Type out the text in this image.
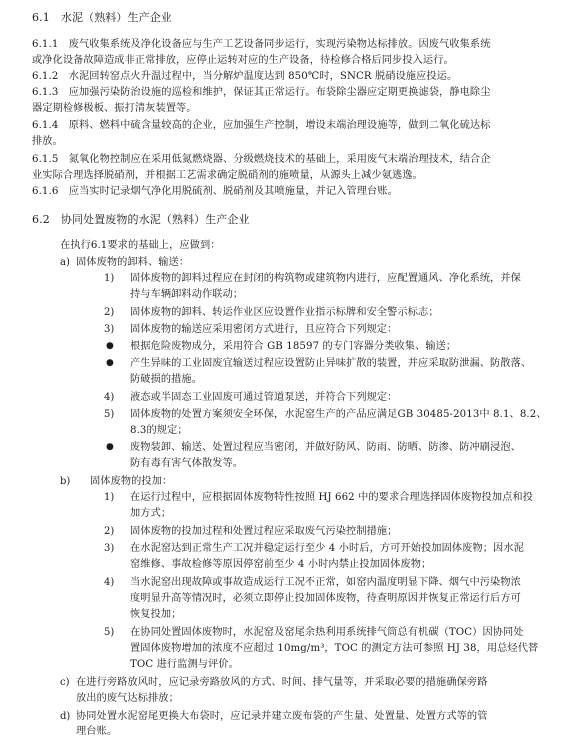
6.1　水泥（熟料）生产企业
6.1.1　废气收集系统及净化设备应与生产工艺设备同步运行，实现污染物达标排放。因废气收集系统
或净化设备故障造成非正常排放，应停止运转对应的生产设备，待检修合格后同步投入运行。
6.1.2　水泥回转窑点火升温过程中，当分解炉温度达到 850℃时，SNCR 脱硝设施应投运。
6.1.3　应加强污染防治设施的巡检和维护，保证其正常运行。布袋除尘器应定期更换滤袋，静电除尘
器定期检修极板、振打清灰装置等。
6.1.4　原料、燃料中硫含量较高的企业，应加强生产控制，增设末端治理设施等，做到二氧化硫达标
排放。
6.1.5　氮氧化物控制应在采用低氮燃烧器、分级燃烧技术的基础上，采用废气末端治理技术，结合企
业实际合理选择脱硝剂，并根据工艺需求确定脱硝剂的施喷量，从源头上减少氨逃逸。
6.1.6　应当实时记录烟气净化用脱硫剂、脱硝剂及其喷施量，并记入管理台账。
6.2　协同处置废物的水泥（熟料）生产企业
在执行6.1要求的基础上，应做到：
a) 固体废物的卸料、输送：
1) 固体废物的卸料过程应在封闭的构筑物或建筑物内进行，应配置通风、净化系统，并保
持与车辆卸料动作联动；
2) 固体废物的卸料、转运作业区应设置作业指示标牌和安全警示标志；
3) 固体废物的输送应采用密闭方式进行，且应符合下列规定：
● 根据危险废物成分，采用符合 GB 18597 的专门容器分类收集、输送；
● 产生异味的工业固废宜输送过程应设置防止异味扩散的装置，并应采取防泄漏、防散落、
防破损的措施。
4) 液态或半固态工业固废可通过管道泵送，并符合下列规定：
5) 固体废物的处置方案须安全环保，水泥窑生产的产品应满足GB 30485-2013中 8.1、8.2、
8.3的规定；
● 废物装卸、输送、处置过程应当密闭，并做好防风、防雨、防晒、防渗、防冲刷浸泡、
防有毒有害气体散发等。
b) 固体废物的投加：
1) 在运行过程中，应根据固体废物特性按照 HJ 662 中的要求合理选择固体废物投加点和投
加方式；
2) 固体废物的投加过程和处置过程应采取废气污染控制措施；
3) 在水泥窑达到正常生产工况并稳定运行至少 4 小时后，方可开始投加固体废物；因水泥
窑维修、事故检修等原因停窑前至少 4 小时内禁止投加固体废物；
4) 当水泥窑出现故障或事故造成运行工况不正常，如窑内温度明显下降、烟气中污染物浓
度明显升高等情况时，必须立即停止投加固体废物，待查明原因并恢复正常运行后方可
恢复投加；
5) 在协同处置固体废物时，水泥窑及窑尾余热利用系统排气筒总有机碳（TOC）因协同处
置固体废物增加的浓度不应超过 10mg/m³，TOC 的测定方法可参照 HJ 38，用总烃代替
TOC 进行监测与评价。
c) 在进行旁路放风时，应记录旁路放风的方式、时间、排气量等，并采取必要的措施确保旁路
放出的废气达标排放；
d) 协同处置水泥窑尾更换大布袋时，应记录并建立废布袋的产生量、处置量、处置方式等的管
理台账。
